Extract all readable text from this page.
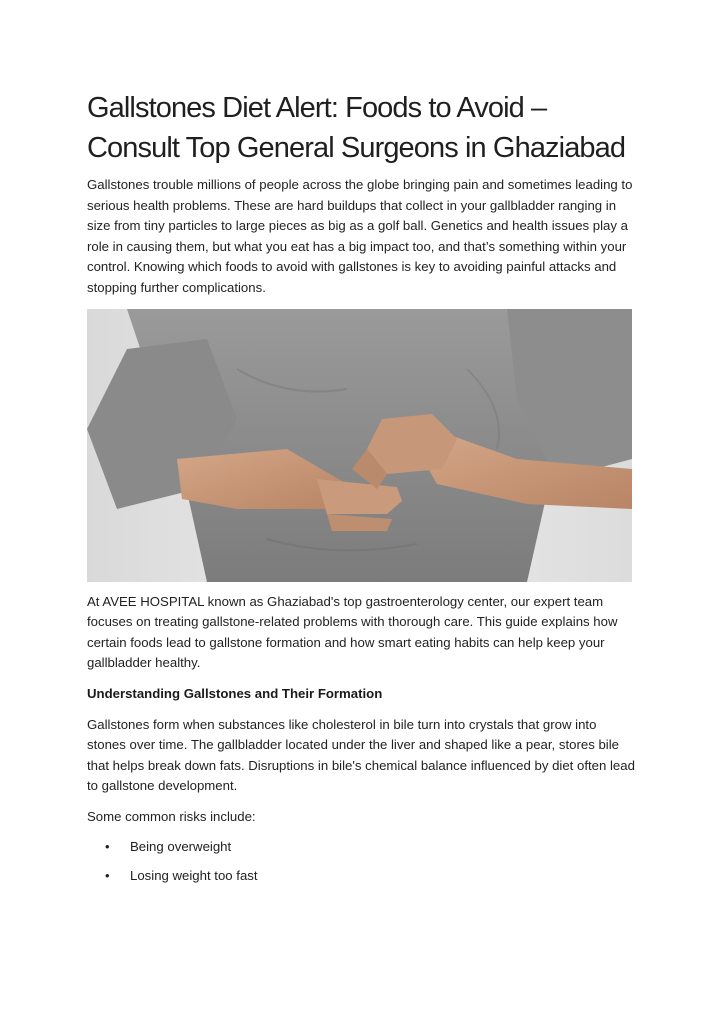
Gallstones Diet Alert: Foods to Avoid – Consult Top General Surgeons in Ghaziabad

Gallstones trouble millions of people across the globe bringing pain and sometimes leading to serious health problems. These are hard buildups that collect in your gallbladder ranging in size from tiny particles to large pieces as big as a golf ball. Genetics and health issues play a role in causing them, but what you eat has a big impact too, and that’s something within your control. Knowing which foods to avoid with gallstones is key to avoiding painful attacks and stopping further complications.

At AVEE HOSPITAL known as Ghaziabad's top gastroenterology center, our expert team focuses on treating gallstone-related problems with thorough care. This guide explains how certain foods lead to gallstone formation and how smart eating habits can help keep your gallbladder healthy.

Understanding Gallstones and Their Formation

Gallstones form when substances like cholesterol in bile turn into crystals that grow into stones over time. The gallbladder located under the liver and shaped like a pear, stores bile that helps break down fats. Disruptions in bile's chemical balance influenced by diet often lead to gallstone development.

Some common risks include:

• Being overweight
• Losing weight too fast
